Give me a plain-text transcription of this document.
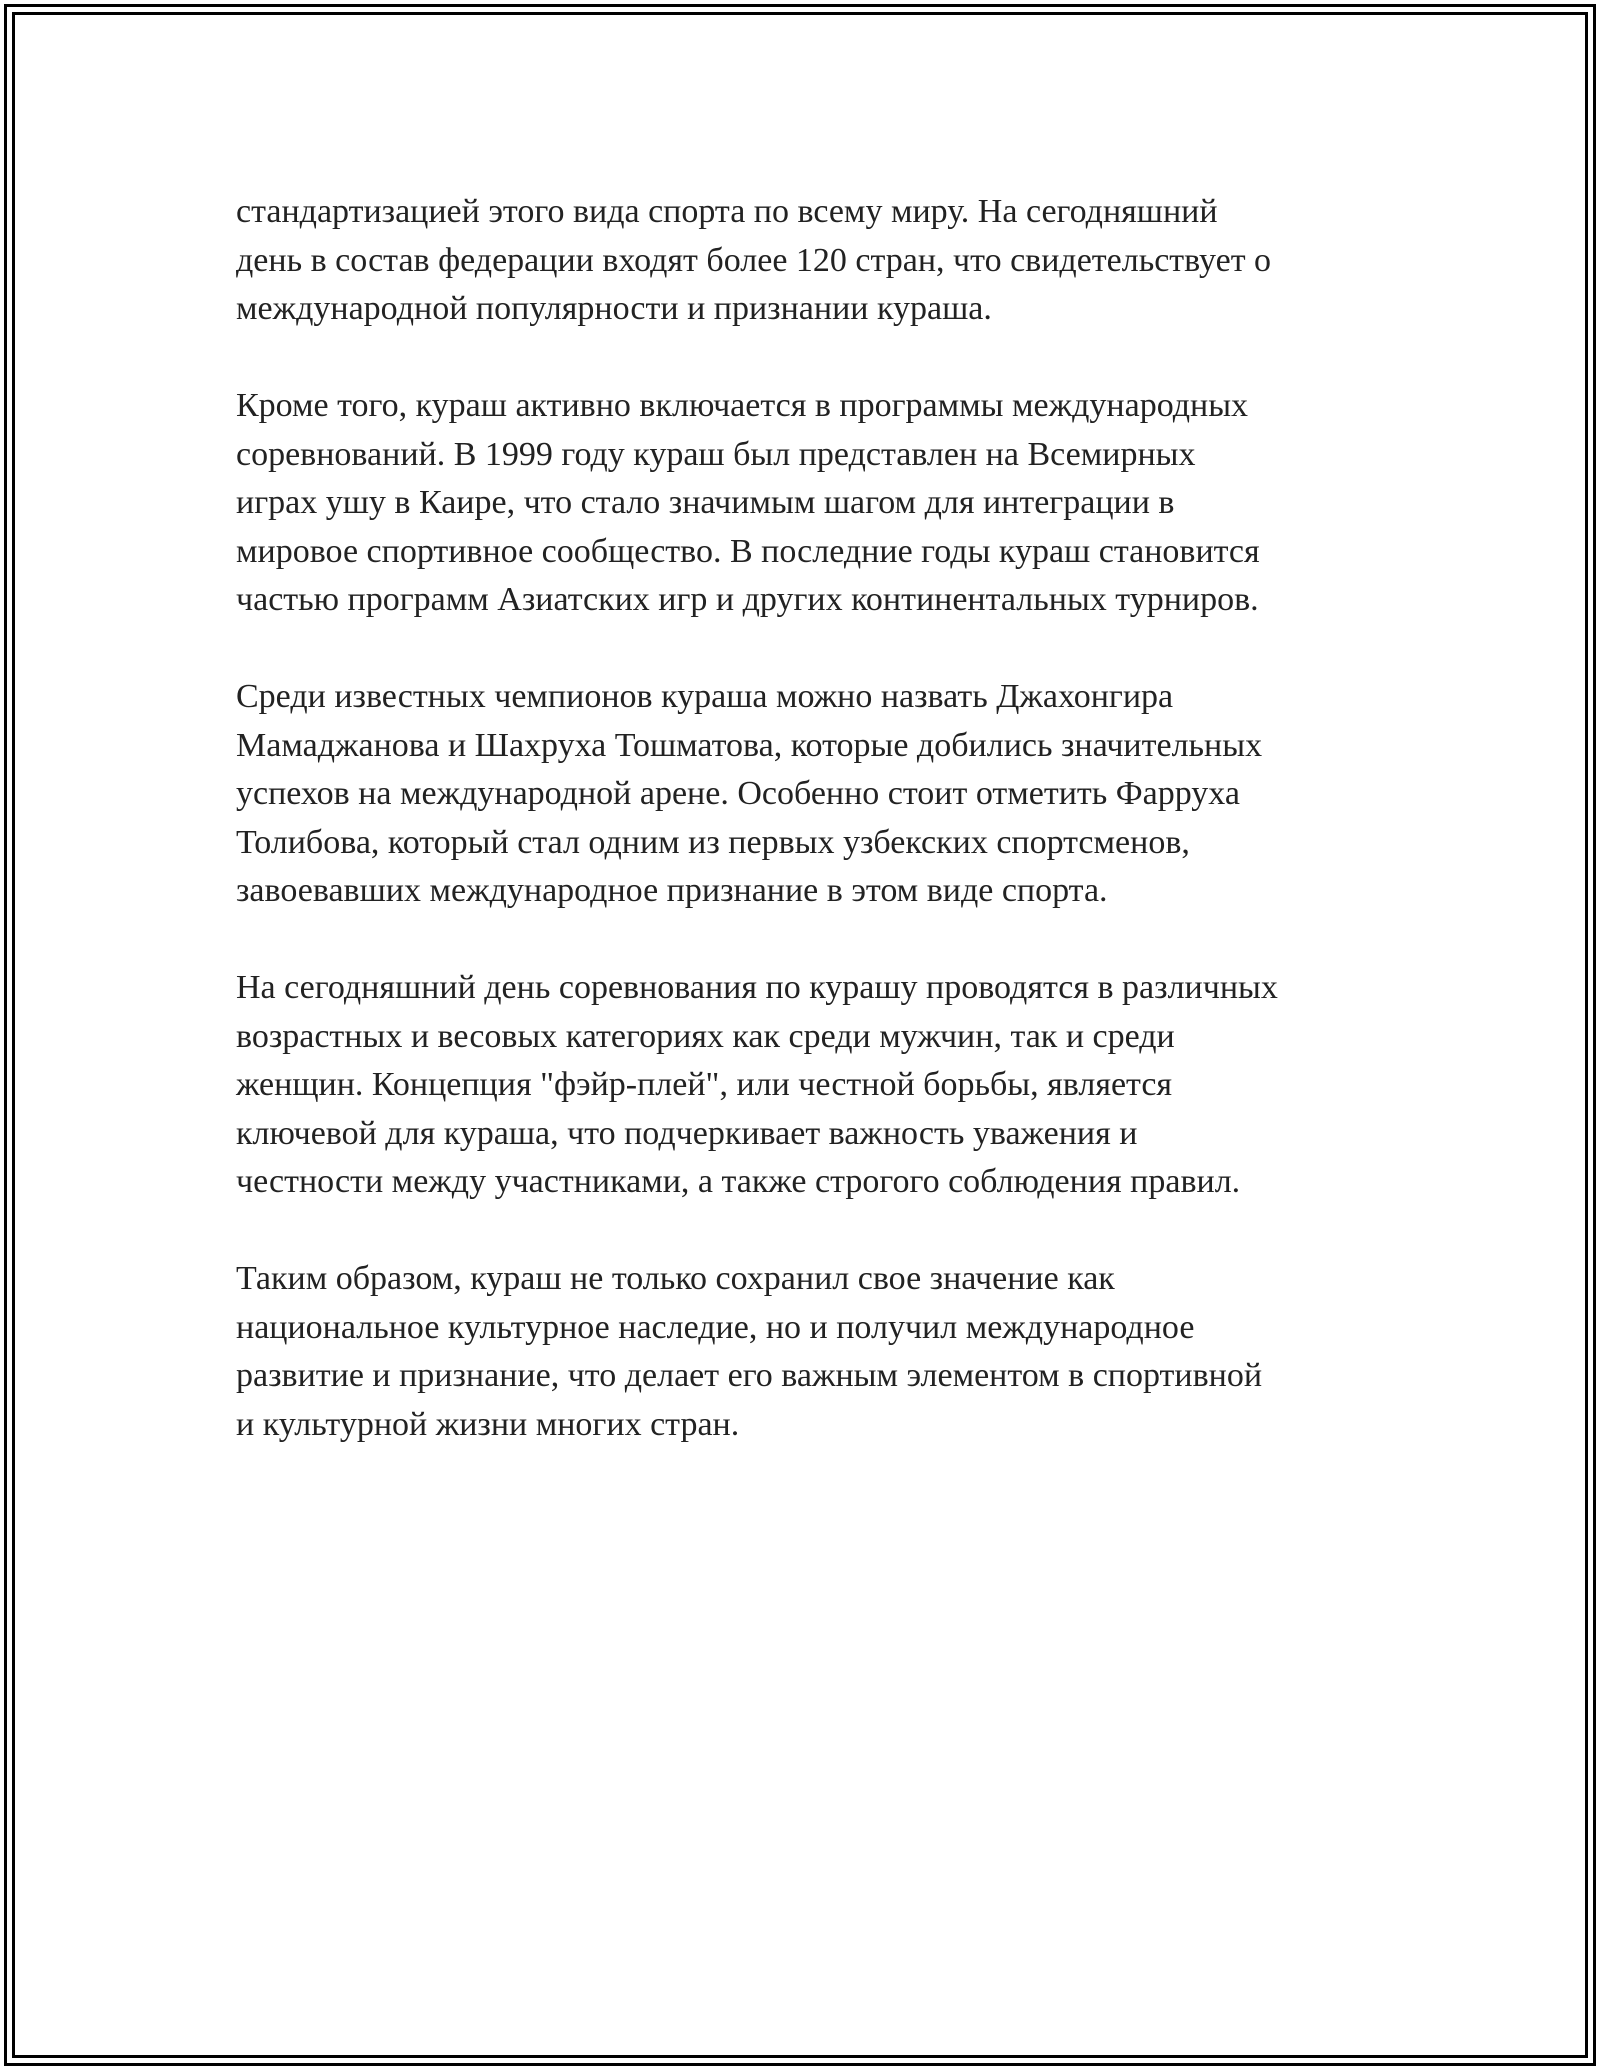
стандартизацией этого вида спорта по всему миру. На сегодняшний
день в состав федерации входят более 120 стран, что свидетельствует о
международной популярности и признании кураша.

Кроме того, кураш активно включается в программы международных
соревнований. В 1999 году кураш был представлен на Всемирных
играх ушу в Каире, что стало значимым шагом для интеграции в
мировое спортивное сообщество. В последние годы кураш становится
частью программ Азиатских игр и других континентальных турниров.

Среди известных чемпионов кураша можно назвать Джахонгира
Мамаджанова и Шахруха Тошматова, которые добились значительных
успехов на международной арене. Особенно стоит отметить Фарруха
Толибова, который стал одним из первых узбекских спортсменов,
завоевавших международное признание в этом виде спорта.

На сегодняшний день соревнования по курашу проводятся в различных
возрастных и весовых категориях как среди мужчин, так и среди
женщин. Концепция "фэйр-плей", или честной борьбы, является
ключевой для кураша, что подчеркивает важность уважения и
честности между участниками, а также строгого соблюдения правил.

Таким образом, кураш не только сохранил свое значение как
национальное культурное наследие, но и получил международное
развитие и признание, что делает его важным элементом в спортивной
и культурной жизни многих стран.
